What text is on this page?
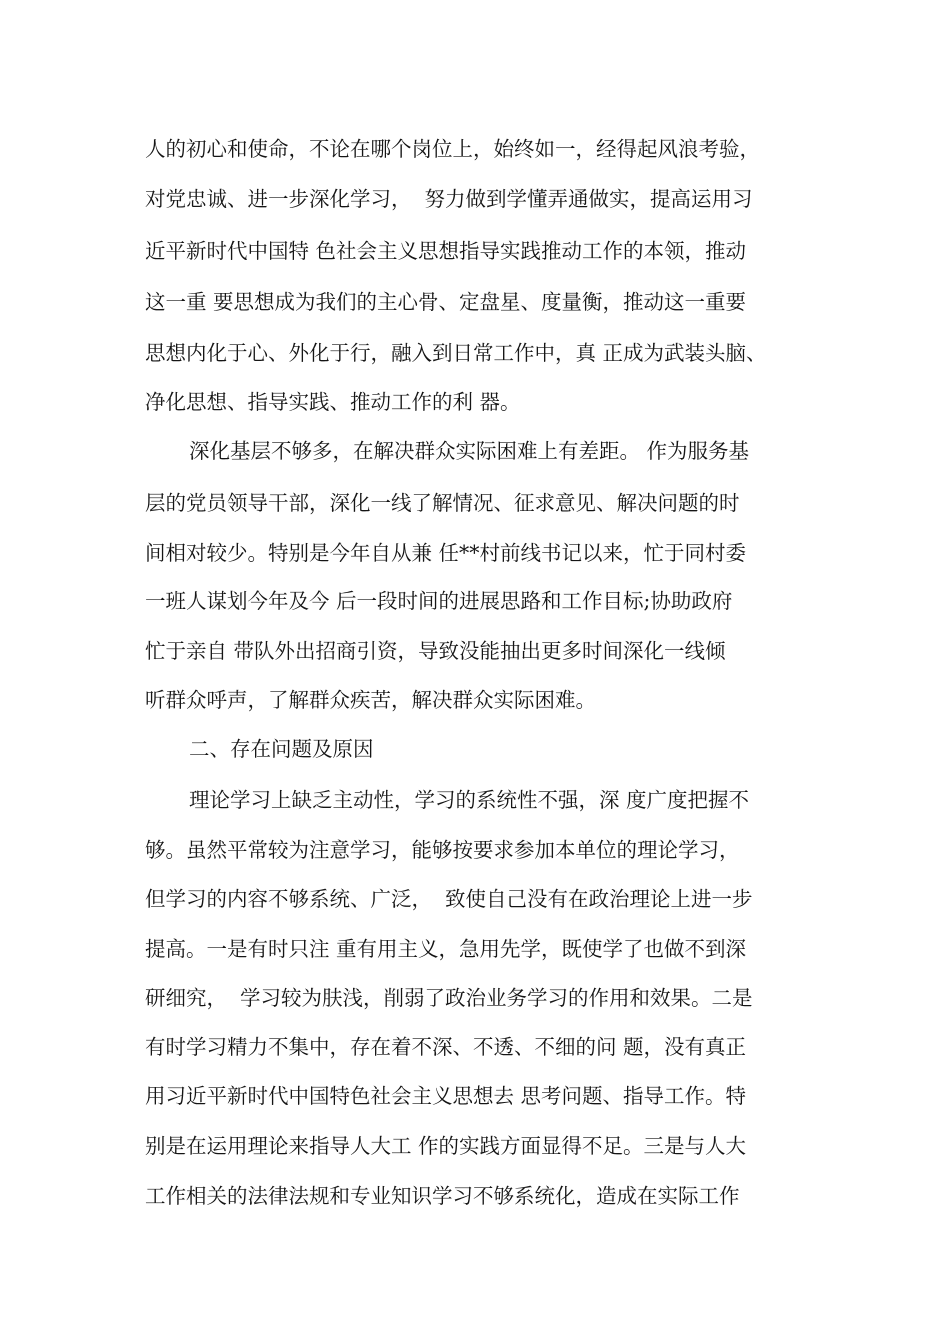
人的初心和使命，不论在哪个岗位上，始终如一，经得起风浪考验，
对党忠诚、进一步深化学习，  努力做到学懂弄通做实，提高运用习
近平新时代中国特 色社会主义思想指导实践推动工作的本领，推动
这一重 要思想成为我们的主心骨、定盘星、度量衡，推动这一重要
思想内化于心、外化于行，融入到日常工作中，真 正成为武装头脑、
净化思想、指导实践、推动工作的利 器。
深化基层不够多，在解决群众实际困难上有差距。 作为服务基
层的党员领导干部，深化一线了解情况、征求意见、解决问题的时
间相对较少。特别是今年自从兼 任**村前线书记以来，忙于同村委
一班人谋划今年及今 后一段时间的进展思路和工作目标;协助政府
忙于亲自 带队外出招商引资，导致没能抽出更多时间深化一线倾
听群众呼声，了解群众疾苦，解决群众实际困难。
二、存在问题及原因
理论学习上缺乏主动性，学习的系统性不强，深 度广度把握不
够。虽然平常较为注意学习，能够按要求参加本单位的理论学习，
但学习的内容不够系统、广泛，  致使自己没有在政治理论上进一步
提高。一是有时只注 重有用主义，急用先学，既使学了也做不到深
研细究，  学习较为肤浅，削弱了政治业务学习的作用和效果。二是
有时学习精力不集中，存在着不深、不透、不细的问 题，没有真正
用习近平新时代中国特色社会主义思想去 思考问题、指导工作。特
别是在运用理论来指导人大工 作的实践方面显得不足。三是与人大
工作相关的法律法规和专业知识学习不够系统化，造成在实际工作
